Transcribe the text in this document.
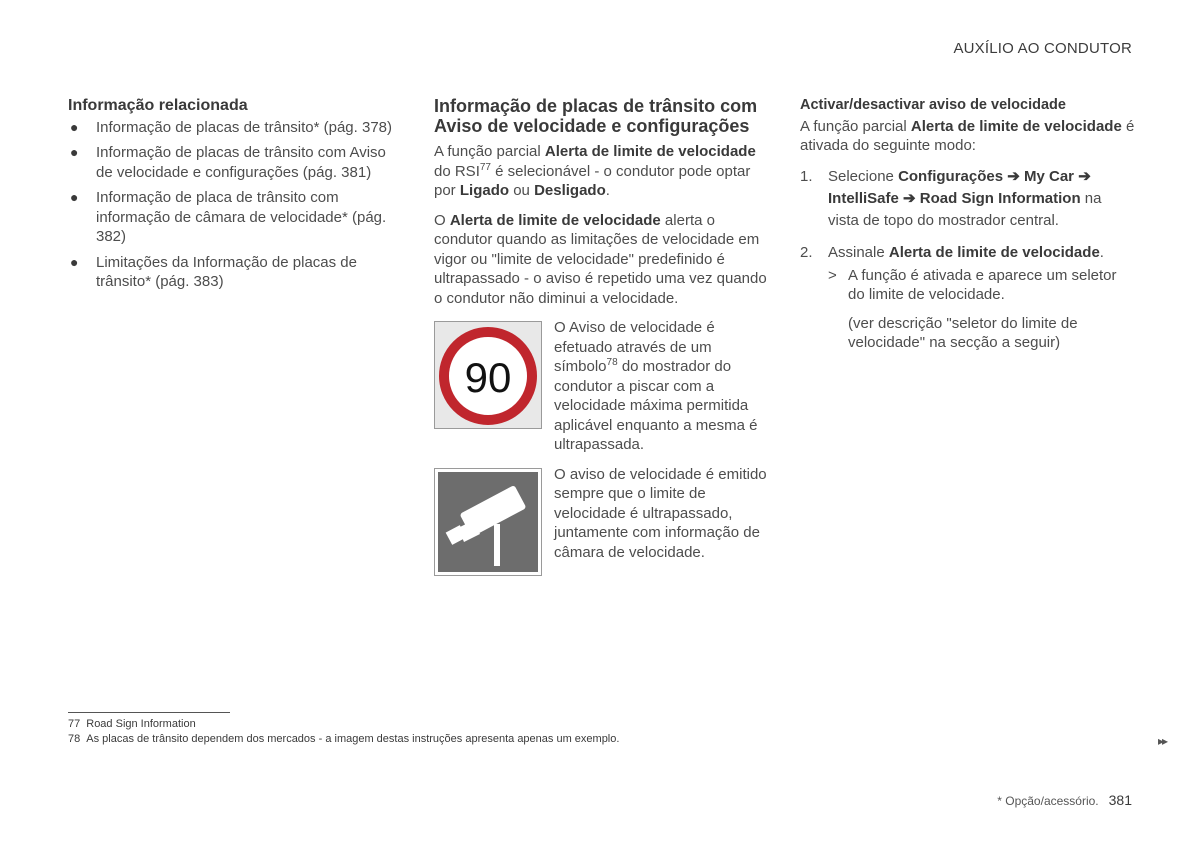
AUXÍLIO AO CONDUTOR
Informação relacionada
● Informação de placas de trânsito* (pág. 378)
● Informação de placas de trânsito com Aviso de velocidade e configurações (pág. 381)
● Informação de placa de trânsito com informação de câmara de velocidade* (pág. 382)
● Limitações da Informação de placas de trânsito* (pág. 383)
Informação de placas de trânsito com Aviso de velocidade e configurações

A função parcial Alerta de limite de velocidade do RSI$^{77}$ é selecionável - o condutor pode optar por Ligado ou Desligado.

O Alerta de limite de velocidade alerta o condutor quando as limitações de velocidade em vigor ou "limite de velocidade" predefinido é ultrapassado - o aviso é repetido uma vez quando o condutor não diminui a velocidade.

90
O Aviso de velocidade é efetuado através de um símbolo$^{78}$ do mostrador do condutor a piscar com a velocidade máxima permitida aplicável enquanto a mesma é ultrapassada.
O aviso de velocidade é emitido sempre que o limite de velocidade é ultrapassado, juntamente com informação de câmara de velocidade.
Activar/desactivar aviso de velocidade

A função parcial Alerta de limite de velocidade é ativada do seguinte modo:

1. Selecione Configurações ➔ My Car ➔ IntelliSafe ➔ Road Sign Information na vista de topo do mostrador central.
2. Assinale Alerta de limite de velocidade.
> A função é ativada e aparece um seletor do limite de velocidade.
(ver descrição "seletor do limite de velocidade" na secção a seguir)
77 Road Sign Information
78 As placas de trânsito dependem dos mercados - a imagem destas instruções apresenta apenas um exemplo.	▸▸
* Opção/acessório. 381
